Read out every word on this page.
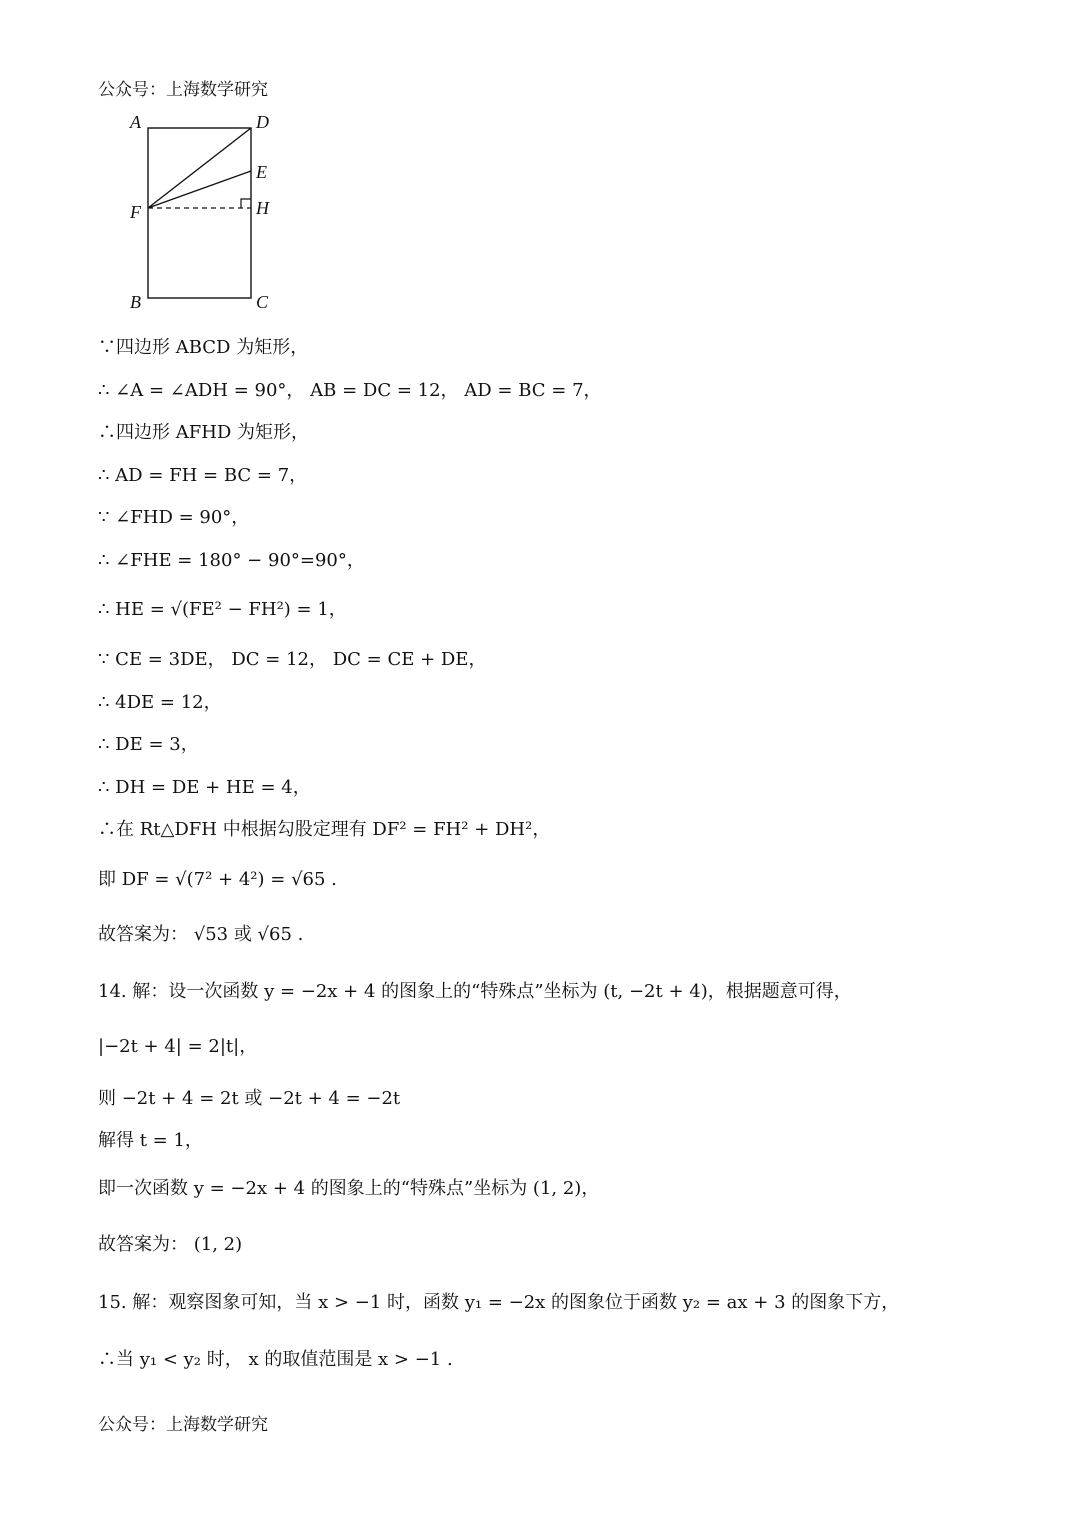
公众号：上海数学研究
A	D
E
F	H
B	C
∵四边形 ABCD 为矩形，
∴ ∠A = ∠ADH = 90°， AB = DC = 12， AD = BC = 7，
∴四边形 AFHD 为矩形，
∴ AD = FH = BC = 7，
∵ ∠FHD = 90°，
∴ ∠FHE = 180° − 90°=90°，
∴ HE = √(FE² − FH²) = 1，
∵ CE = 3DE， DC = 12， DC = CE + DE，
∴ 4DE = 12，
∴ DE = 3，
∴ DH = DE + HE = 4，
∴在 Rt△DFH 中根据勾股定理有 DF² = FH² + DH²，
即 DF = √(7² + 4²) = √65 .
故答案为： √53 或 √65 .
14. 解：设一次函数 y = −2x + 4 的图象上的“特殊点”坐标为 (t, −2t + 4)，根据题意可得，
|−2t + 4| = 2|t|，
则 −2t + 4 = 2t 或 −2t + 4 = −2t
解得 t = 1，
即一次函数 y = −2x + 4 的图象上的“特殊点”坐标为 (1, 2)，
故答案为： (1, 2)
15. 解：观察图象可知，当 x > −1 时，函数 y₁ = −2x 的图象位于函数 y₂ = ax + 3 的图象下方，
∴当 y₁ < y₂ 时， x 的取值范围是 x > −1 .
公众号：上海数学研究
